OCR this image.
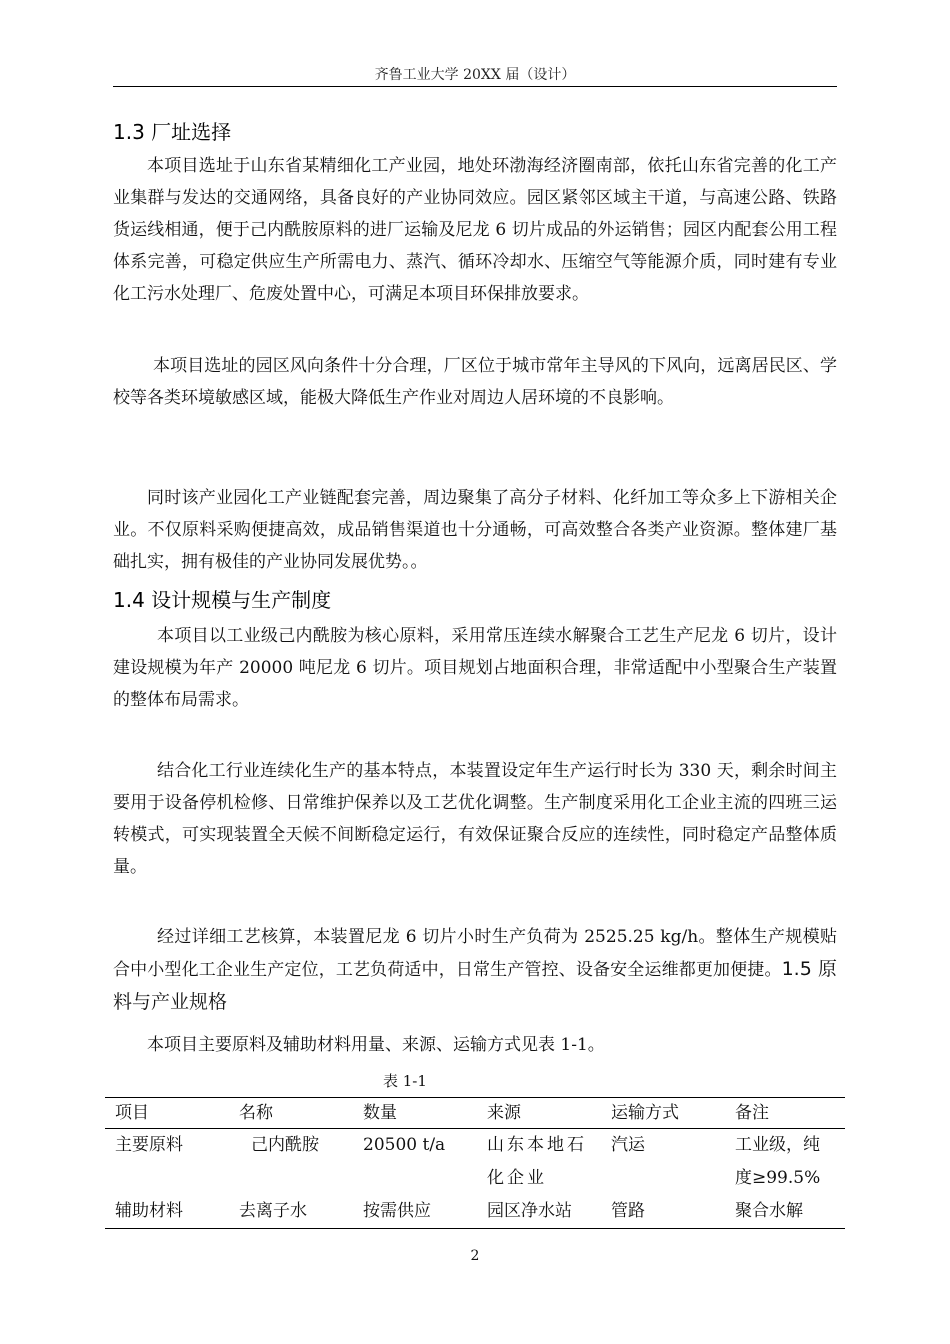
齐鲁工业大学 20XX 届（设计）
1.3 厂址选择
本项目选址于山东省某精细化工产业园，地处环渤海经济圈南部，依托山东省完善的化工产业集群与发达的交通网络，具备良好的产业协同效应。园区紧邻区域主干道，与高速公路、铁路货运线相通，便于己内酰胺原料的进厂运输及尼龙 6 切片成品的外运销售；园区内配套公用工程体系完善，可稳定供应生产所需电力、蒸汽、循环冷却水、压缩空气等能源介质，同时建有专业化工污水处理厂、危废处置中心，可满足本项目环保排放要求。
本项目选址的园区风向条件十分合理，厂区位于城市常年主导风的下风向，远离居民区、学校等各类环境敏感区域，能极大降低生产作业对周边人居环境的不良影响。
同时该产业园化工产业链配套完善，周边聚集了高分子材料、化纤加工等众多上下游相关企业。不仅原料采购便捷高效，成品销售渠道也十分通畅，可高效整合各类产业资源。整体建厂基础扎实，拥有极佳的产业协同发展优势。。
1.4 设计规模与生产制度
本项目以工业级己内酰胺为核心原料，采用常压连续水解聚合工艺生产尼龙 6 切片，设计建设规模为年产 20000 吨尼龙 6 切片。项目规划占地面积合理，非常适配中小型聚合生产装置的整体布局需求。
结合化工行业连续化生产的基本特点，本装置设定年生产运行时长为 330 天，剩余时间主要用于设备停机检修、日常维护保养以及工艺优化调整。生产制度采用化工企业主流的四班三运转模式，可实现装置全天候不间断稳定运行，有效保证聚合反应的连续性，同时稳定产品整体质量。
经过详细工艺核算，本装置尼龙 6 切片小时生产负荷为 2525.25 kg/h。整体生产规模贴合中小型化工企业生产定位，工艺负荷适中，日常生产管控、设备安全运维都更加便捷。1.5 原料与产业规格
本项目主要原料及辅助材料用量、来源、运输方式见表 1-1。
表 1-1
项目	名称	数量	来源	运输方式	备注
主要原料	己内酰胺	20500 t/a	山东本地石化企业	汽运	工业级，纯度≥99.5%
辅助材料	去离子水	按需供应	园区净水站	管路	聚合水解
2
